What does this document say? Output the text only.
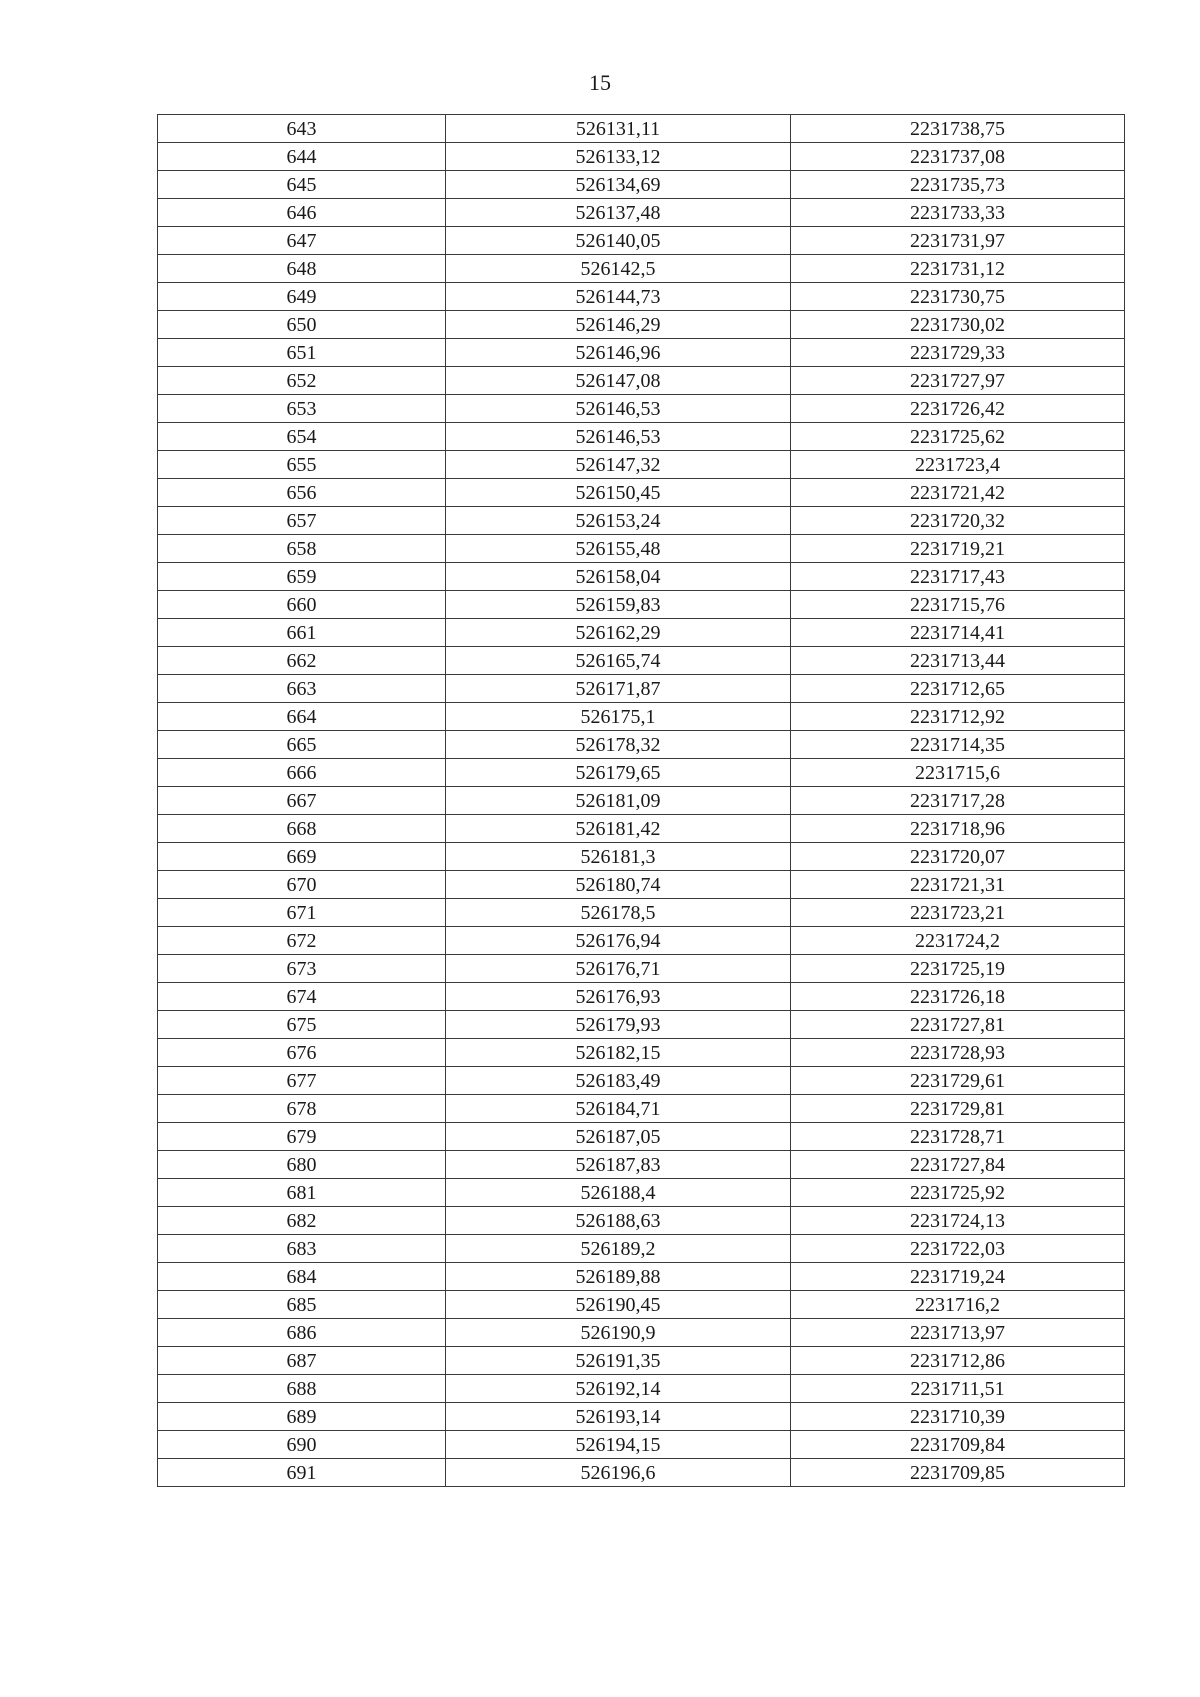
15
643	526131,11	2231738,75
644	526133,12	2231737,08
645	526134,69	2231735,73
646	526137,48	2231733,33
647	526140,05	2231731,97
648	526142,5	2231731,12
649	526144,73	2231730,75
650	526146,29	2231730,02
651	526146,96	2231729,33
652	526147,08	2231727,97
653	526146,53	2231726,42
654	526146,53	2231725,62
655	526147,32	2231723,4
656	526150,45	2231721,42
657	526153,24	2231720,32
658	526155,48	2231719,21
659	526158,04	2231717,43
660	526159,83	2231715,76
661	526162,29	2231714,41
662	526165,74	2231713,44
663	526171,87	2231712,65
664	526175,1	2231712,92
665	526178,32	2231714,35
666	526179,65	2231715,6
667	526181,09	2231717,28
668	526181,42	2231718,96
669	526181,3	2231720,07
670	526180,74	2231721,31
671	526178,5	2231723,21
672	526176,94	2231724,2
673	526176,71	2231725,19
674	526176,93	2231726,18
675	526179,93	2231727,81
676	526182,15	2231728,93
677	526183,49	2231729,61
678	526184,71	2231729,81
679	526187,05	2231728,71
680	526187,83	2231727,84
681	526188,4	2231725,92
682	526188,63	2231724,13
683	526189,2	2231722,03
684	526189,88	2231719,24
685	526190,45	2231716,2
686	526190,9	2231713,97
687	526191,35	2231712,86
688	526192,14	2231711,51
689	526193,14	2231710,39
690	526194,15	2231709,84
691	526196,6	2231709,85
